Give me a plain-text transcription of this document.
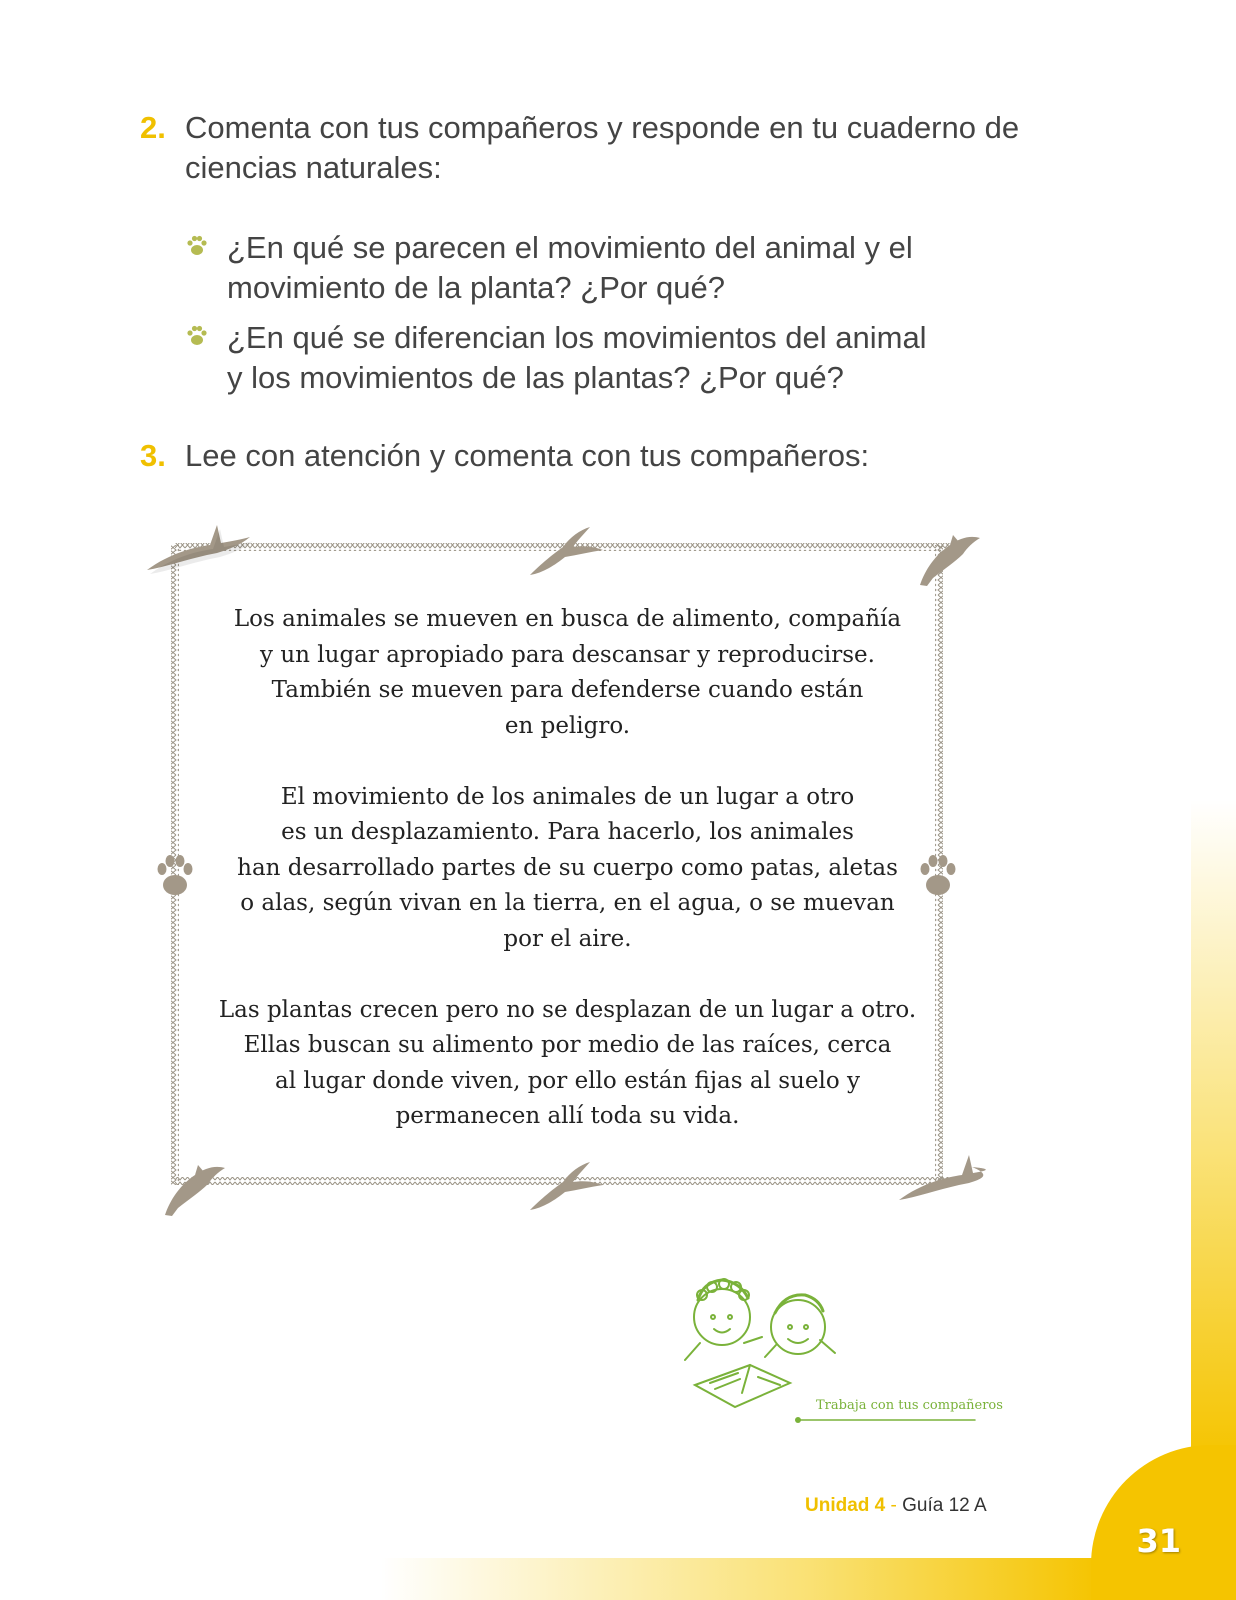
31
2. Comenta con tus compañeros y responde en tu cuaderno de ciencias naturales:
¿En qué se parecen el movimiento del animal y el movimiento de la planta? ¿Por qué?
¿En qué se diferencian los movimientos del animal y los movimientos de las plantas? ¿Por qué?
3. Lee con atención y comenta con tus compañeros:

Los animales se mueven en busca de alimento, compañía
y un lugar apropiado para descansar y reproducirse.
También se mueven para defenderse cuando están
en peligro.

El movimiento de los animales de un lugar a otro
es un desplazamiento. Para hacerlo, los animales
han desarrollado partes de su cuerpo como patas, aletas
o alas, según vivan en la tierra, en el agua, o se muevan
por el aire.

Las plantas crecen pero no se desplazan de un lugar a otro.
Ellas buscan su alimento por medio de las raíces, cerca
al lugar donde viven, por ello están fijas al suelo y
permanecen allí toda su vida.

Trabaja con tus compañeros
Unidad 4 - Guía 12 A
